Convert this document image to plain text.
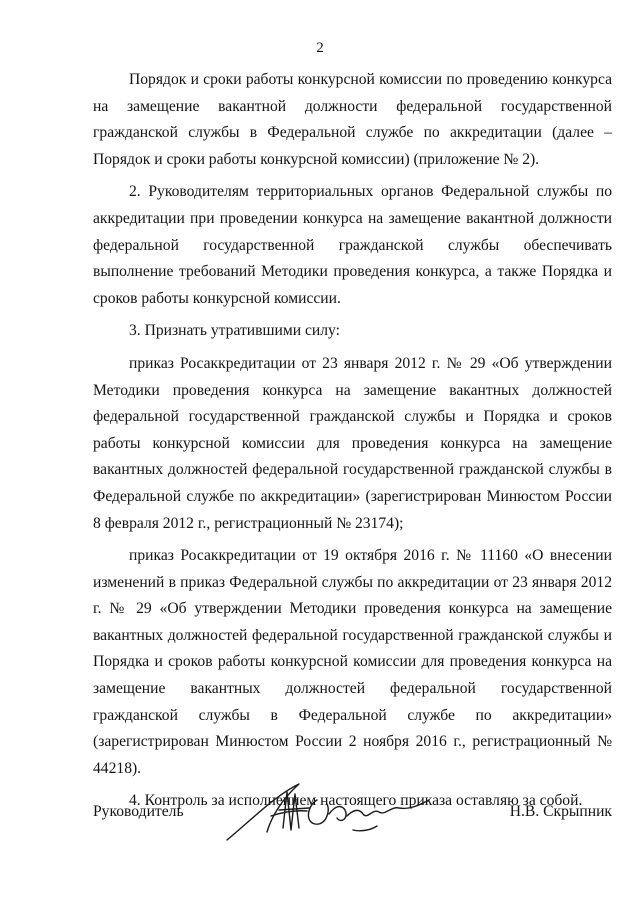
2

Порядок и сроки работы конкурсной комиссии по проведению конкурса на замещение вакантной должности федеральной государственной гражданской службы в Федеральной службе по аккредитации (далее – Порядок и сроки работы конкурсной комиссии) (приложение № 2).

2. Руководителям территориальных органов Федеральной службы по аккредитации при проведении конкурса на замещение вакантной должности федеральной государственной гражданской службы обеспечивать выполнение требований Методики проведения конкурса, а также Порядка и сроков работы конкурсной комиссии.

3. Признать утратившими силу:

приказ Росаккредитации от 23 января 2012 г. № 29 «Об утверждении Методики проведения конкурса на замещение вакантных должностей федеральной государственной гражданской службы и Порядка и сроков работы конкурсной комиссии для проведения конкурса на замещение вакантных должностей федеральной государственной гражданской службы в Федеральной службе по аккредитации» (зарегистрирован Минюстом России 8 февраля 2012 г., регистрационный № 23174);

приказ Росаккредитации от 19 октября 2016 г. № 11160 «О внесении изменений в приказ Федеральной службы по аккредитации от 23 января 2012 г. № 29 «Об утверждении Методики проведения конкурса на замещение вакантных должностей федеральной государственной гражданской службы и Порядка и сроков работы конкурсной комиссии для проведения конкурса на замещение вакантных должностей федеральной государственной гражданской службы в Федеральной службе по аккредитации» (зарегистрирован Минюстом России 2 ноября 2016 г., регистрационный № 44218).

4. Контроль за исполнением настоящего приказа оставляю за собой.

Руководитель	Н.В. Скрыпник
